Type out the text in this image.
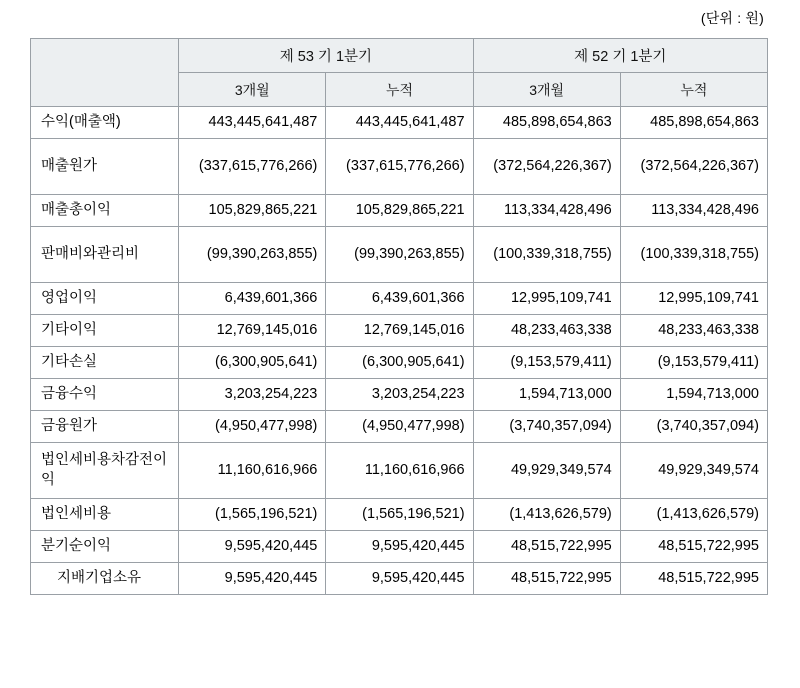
(단위 : 원)
	제 53 기 1분기		제 52 기 1분기	
	3개월	누적	3개월	누적
수익(매출액)	443,445,641,487	443,445,641,487	485,898,654,863	485,898,654,863
매출원가	(337,615,776,266)	(337,615,776,266)	(372,564,226,367)	(372,564,226,367)
매출총이익	105,829,865,221	105,829,865,221	113,334,428,496	113,334,428,496
판매비와관리비	(99,390,263,855)	(99,390,263,855)	(100,339,318,755)	(100,339,318,755)
영업이익	6,439,601,366	6,439,601,366	12,995,109,741	12,995,109,741
기타이익	12,769,145,016	12,769,145,016	48,233,463,338	48,233,463,338
기타손실	(6,300,905,641)	(6,300,905,641)	(9,153,579,411)	(9,153,579,411)
금융수익	3,203,254,223	3,203,254,223	1,594,713,000	1,594,713,000
금융원가	(4,950,477,998)	(4,950,477,998)	(3,740,357,094)	(3,740,357,094)
법인세비용차감전이익	11,160,616,966	11,160,616,966	49,929,349,574	49,929,349,574
법인세비용	(1,565,196,521)	(1,565,196,521)	(1,413,626,579)	(1,413,626,579)
분기순이익	9,595,420,445	9,595,420,445	48,515,722,995	48,515,722,995
지배기업소유	9,595,420,445	9,595,420,445	48,515,722,995	48,515,722,995
